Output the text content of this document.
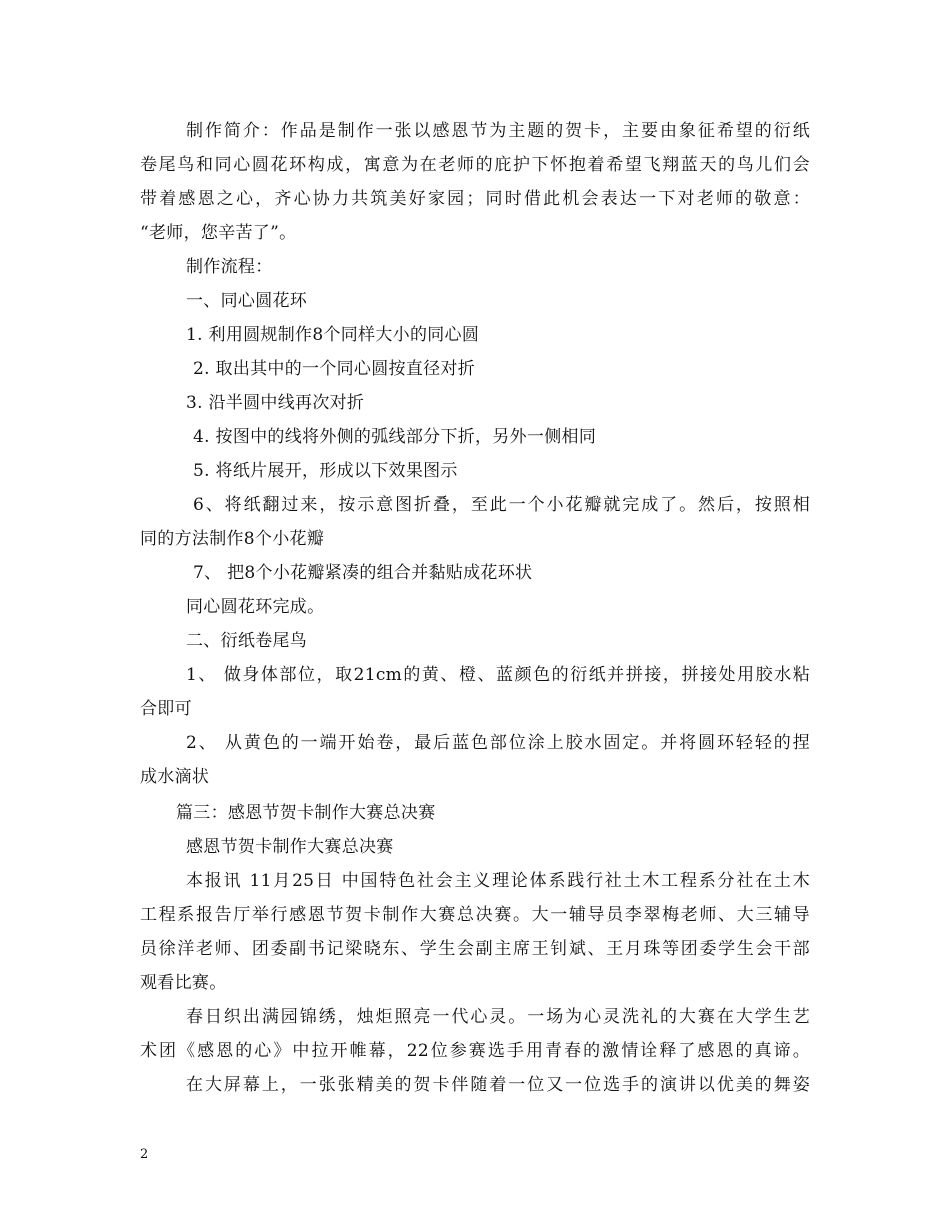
制作简介：作品是制作一张以感恩节为主题的贺卡，主要由象征希望的衍纸
卷尾鸟和同心圆花环构成，寓意为在老师的庇护下怀抱着希望飞翔蓝天的鸟儿们会
带着感恩之心，齐心协力共筑美好家园；同时借此机会表达一下对老师的敬意：
“老师，您辛苦了”。
制作流程：
一、同心圆花环
1. 利用圆规制作8个同样大小的同心圆
2. 取出其中的一个同心圆按直径对折
3. 沿半圆中线再次对折
4. 按图中的线将外侧的弧线部分下折，另外一侧相同
5. 将纸片展开，形成以下效果图示
6、将纸翻过来，按示意图折叠，至此一个小花瓣就完成了。然后，按照相
同的方法制作8个小花瓣
7、 把8个小花瓣紧凑的组合并黏贴成花环状
同心圆花环完成。
二、衍纸卷尾鸟
1、 做身体部位，取21cm的黄、橙、蓝颜色的衍纸并拼接，拼接处用胶水粘
合即可
2、 从黄色的一端开始卷，最后蓝色部位涂上胶水固定。并将圆环轻轻的捏
成水滴状
篇三：感恩节贺卡制作大赛总决赛
感恩节贺卡制作大赛总决赛
本报讯 11月25日 中国特色社会主义理论体系践行社土木工程系分社在土木
工程系报告厅举行感恩节贺卡制作大赛总决赛。大一辅导员李翠梅老师、大三辅导
员徐洋老师、团委副书记梁晓东、学生会副主席王钊斌、王月珠等团委学生会干部
观看比赛。
春日织出满园锦绣，烛炬照亮一代心灵。一场为心灵洗礼的大赛在大学生艺
术团《感恩的心》中拉开帷幕，22位参赛选手用青春的激情诠释了感恩的真谛。
在大屏幕上，一张张精美的贺卡伴随着一位又一位选手的演讲以优美的舞姿
2
